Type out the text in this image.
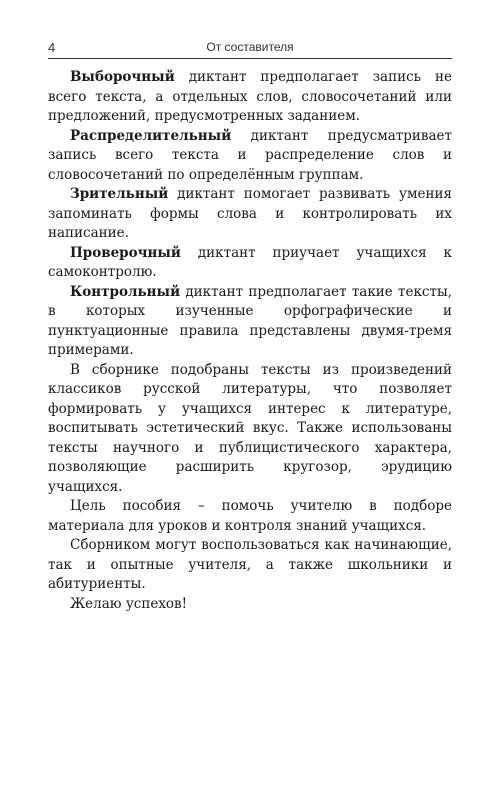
4	От составителя

Выборочный диктант предполагает запись не всего текста, а отдельных слов, словосочетаний или предложений, предусмотренных заданием.

Распределительный диктант предусматривает запись всего текста и распределение слов и словосочетаний по определённым группам.

Зрительный диктант помогает развивать умения запоминать формы слова и контролировать их написание.

Проверочный диктант приучает учащихся к самоконтролю.

Контрольный диктант предполагает такие тексты, в которых изученные орфографические и пунктуационные правила представлены двумя-тремя примерами.

В сборнике подобраны тексты из произведений классиков русской литературы, что позволяет формировать у учащихся интерес к литературе, воспитывать эстетический вкус. Также использованы тексты научного и публицистического характера, позволяющие расширить кругозор, эрудицию учащихся.

Цель пособия – помочь учителю в подборе материала для уроков и контроля знаний учащихся.

Сборником могут воспользоваться как начинающие, так и опытные учителя, а также школьники и абитуриенты.

Желаю успехов!
